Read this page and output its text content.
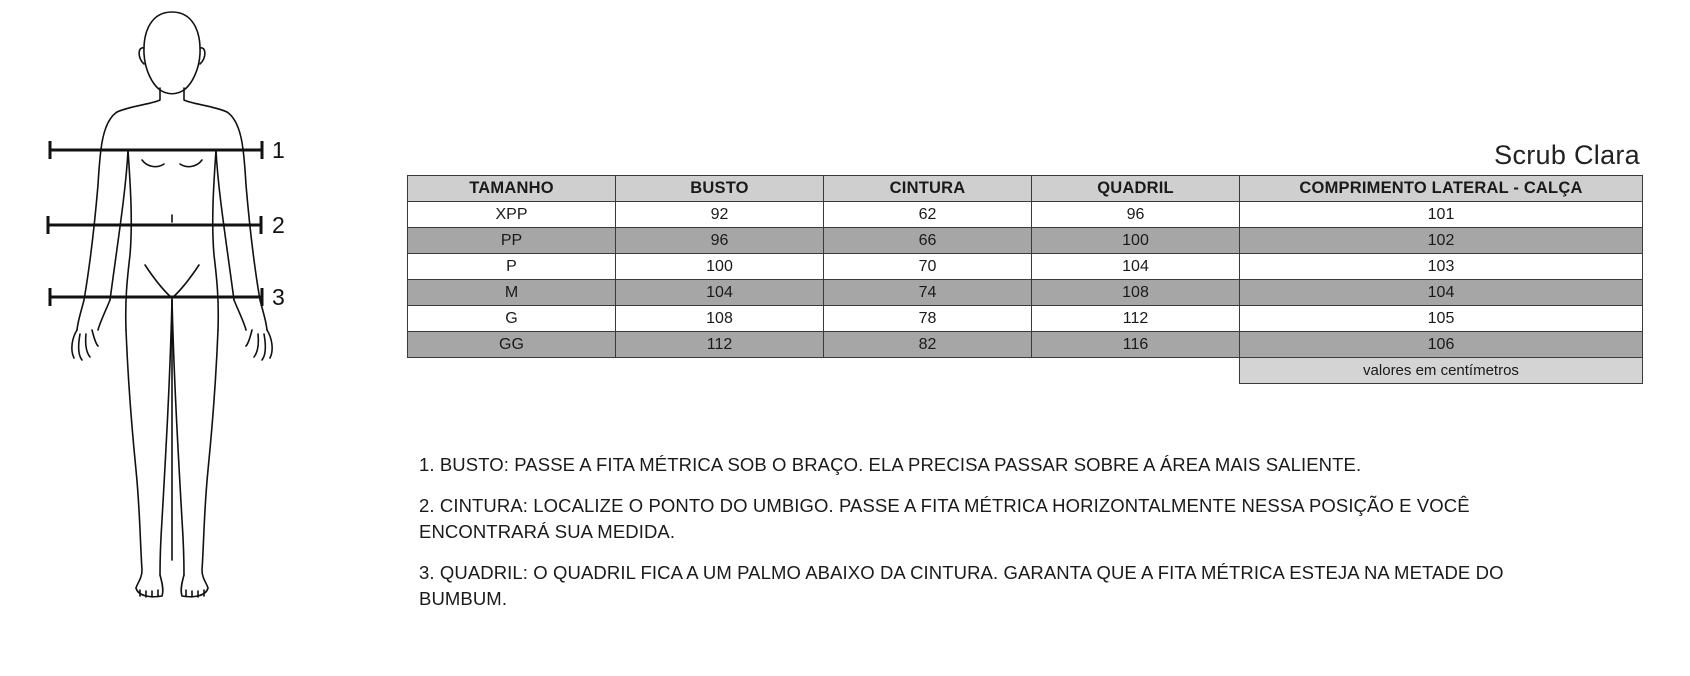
1
2
3
Scrub Clara
TAMANHO	BUSTO	CINTURA	QUADRIL	COMPRIMENTO LATERAL - CALÇA
XPP	92	62	96	101
PP	96	66	100	102
P	100	70	104	103
M	104	74	108	104
G	108	78	112	105
GG	112	82	116	106
				valores em centímetros

1. BUSTO: PASSE A FITA MÉTRICA SOB O BRAÇO. ELA PRECISA PASSAR SOBRE A ÁREA MAIS SALIENTE.

2. CINTURA: LOCALIZE O PONTO DO UMBIGO. PASSE A FITA MÉTRICA HORIZONTALMENTE NESSA POSIÇÃO E VOCÊ ENCONTRARÁ SUA MEDIDA.

3. QUADRIL: O QUADRIL FICA A UM PALMO ABAIXO DA CINTURA. GARANTA QUE A FITA MÉTRICA ESTEJA NA METADE DO BUMBUM.
